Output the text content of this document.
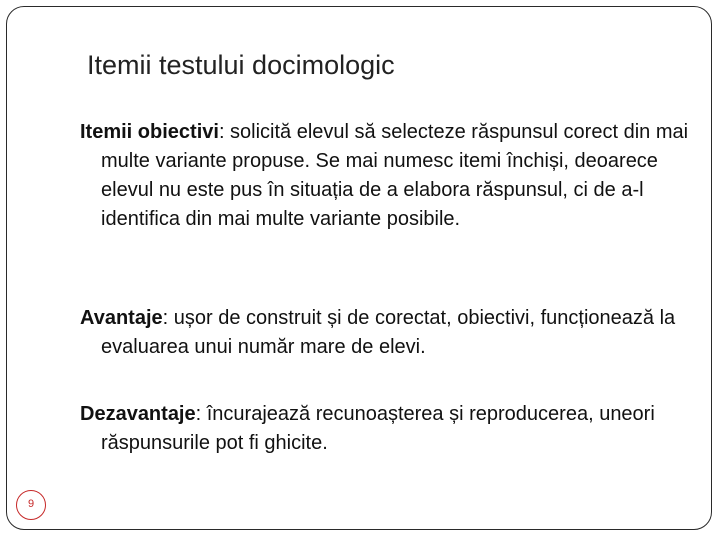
Itemii testului docimologic

Itemii obiectivi: solicită elevul să selecteze răspunsul corect din mai multe variante propuse. Se mai numesc itemi închiși, deoarece elevul nu este pus în situația de a elabora răspunsul, ci de a-l identifica din mai multe variante posibile.

Avantaje: ușor de construit și de corectat, obiectivi, funcționează la evaluarea unui număr mare de elevi.

Dezavantaje: încurajează recunoașterea și reproducerea, uneori răspunsurile pot fi ghicite.

9
